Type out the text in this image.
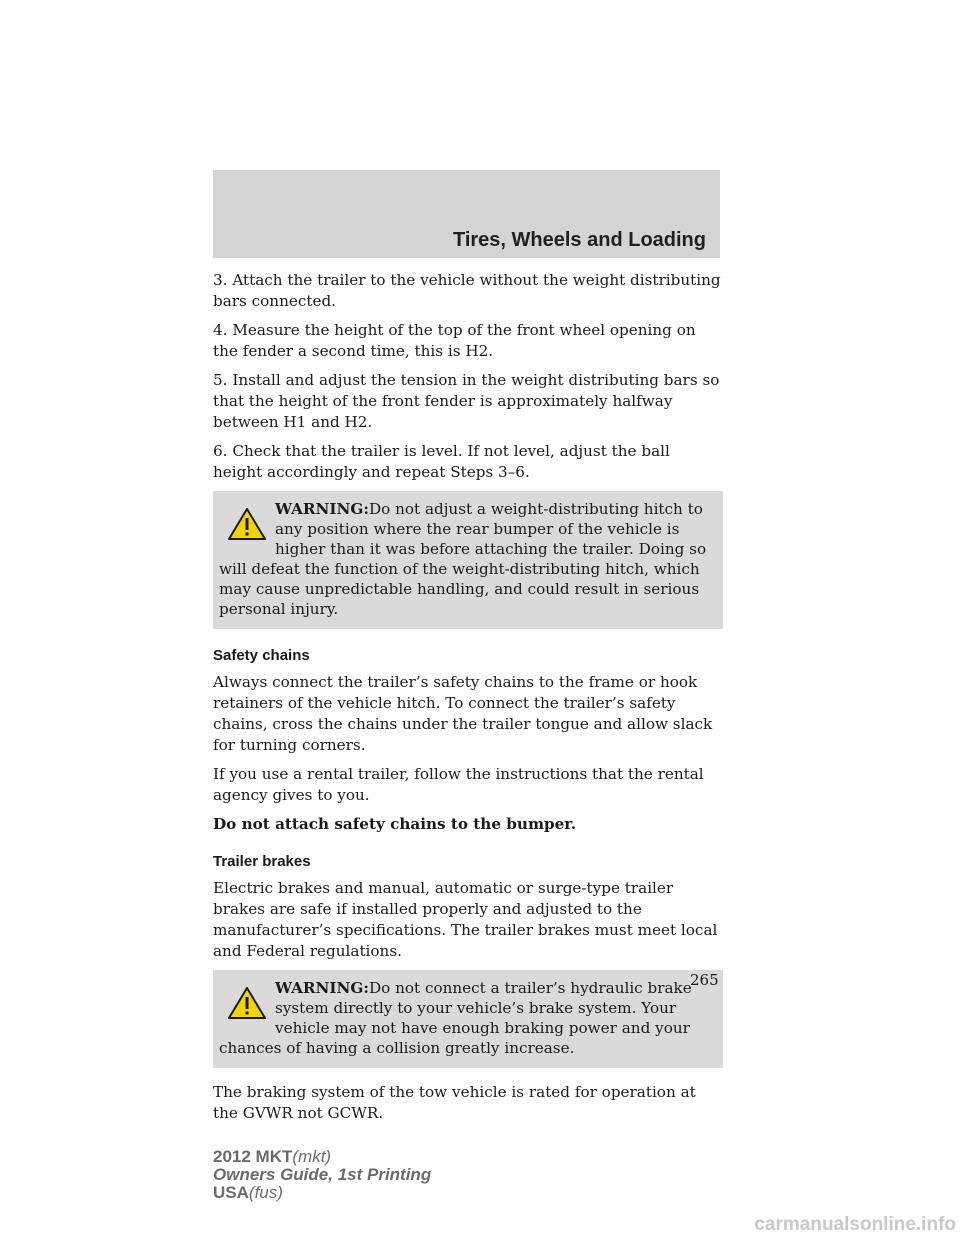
Tires, Wheels and Loading

3. Attach the trailer to the vehicle without the weight distributing bars connected.

4. Measure the height of the top of the front wheel opening on the fender a second time, this is H2.

5. Install and adjust the tension in the weight distributing bars so that the height of the front fender is approximately halfway between H1 and H2.

6. Check that the trailer is level. If not level, adjust the ball height accordingly and repeat Steps 3–6.

WARNING:Do not adjust a weight-distributing hitch to any position where the rear bumper of the vehicle is higher than it was before attaching the trailer. Doing so will defeat the function of the weight-distributing hitch, which may cause unpredictable handling, and could result in serious personal injury.
Safety chains

Always connect the trailer’s safety chains to the frame or hook retainers of the vehicle hitch. To connect the trailer’s safety chains, cross the chains under the trailer tongue and allow slack for turning corners.

If you use a rental trailer, follow the instructions that the rental agency gives to you.

Do not attach safety chains to the bumper.

Trailer brakes

Electric brakes and manual, automatic or surge-type trailer brakes are safe if installed properly and adjusted to the manufacturer’s specifications. The trailer brakes must meet local and Federal regulations.

WARNING:Do not connect a trailer’s hydraulic brake system directly to your vehicle’s brake system. Your vehicle may not have enough braking power and your chances of having a collision greatly increase.

The braking system of the tow vehicle is rated for operation at the GVWR not GCWR.

265
2012 MKT(mkt)
Owners Guide, 1st Printing
USA(fus)
carmanualsonline.info
